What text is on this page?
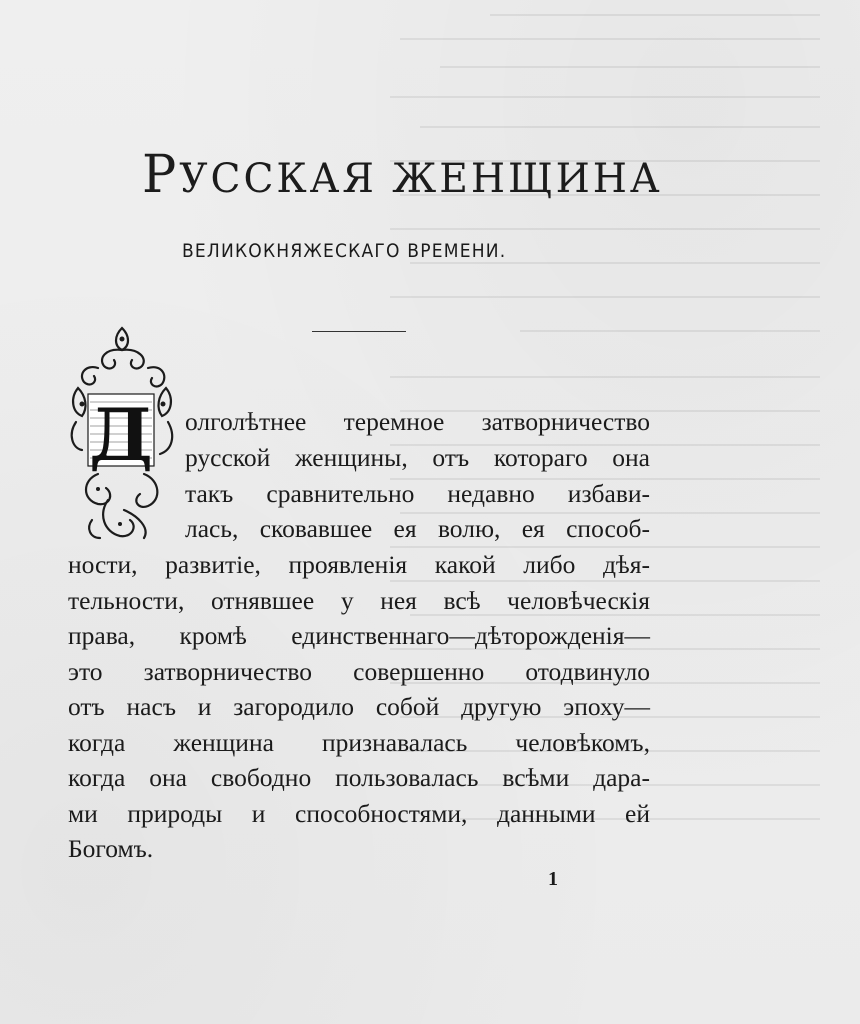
РУССКАЯ ЖЕНЩИНА
ВЕЛИКОКНЯЖЕСКАГО ВРЕМЕНИ.
Д олголѣтнее теремное затворничество
русской женщины, отъ котораго она
такъ сравнительно недавно избави-
лась, сковавшее ея волю, ея способ-
ности, развитіе, проявленія какой либо дѣя-
тельности, отнявшее у нея всѣ человѣческія
права, кромѣ единственнаго—дѣторожденія—
это затворничество совершенно отодвинуло
отъ насъ и загородило собой другую эпоху—
когда женщина признавалась человѣкомъ,
когда она свободно пользовалась всѣми дара-
ми природы и способностями, данными ей
Богомъ.
1
